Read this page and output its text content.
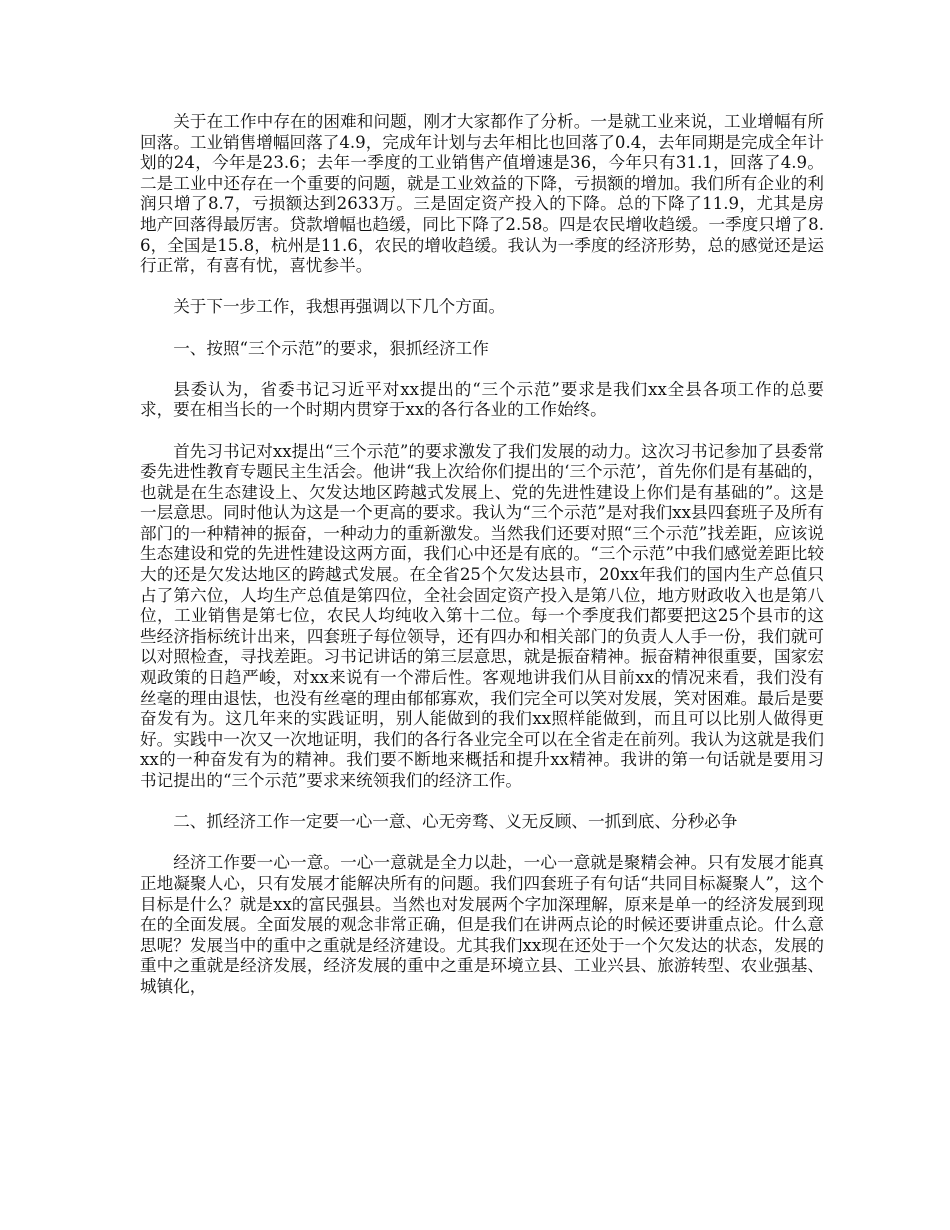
关于在工作中存在的困难和问题，刚才大家都作了分析。一是就工业来说，工业增幅有所回落。工业销售增幅回落了4.9，完成年计划与去年相比也回落了0.4，去年同期是完成全年计划的24，今年是23.6；去年一季度的工业销售产值增速是36，今年只有31.1，回落了4.9。二是工业中还存在一个重要的问题，就是工业效益的下降，亏损额的增加。我们所有企业的利润只增了8.7，亏损额达到2633万。三是固定资产投入的下降。总的下降了11.9，尤其是房地产回落得最厉害。贷款增幅也趋缓，同比下降了2.58。四是农民增收趋缓。一季度只增了8.6，全国是15.8，杭州是11.6，农民的增收趋缓。我认为一季度的经济形势，总的感觉还是运行正常，有喜有忧，喜忧参半。

关于下一步工作，我想再强调以下几个方面。

一、按照“三个示范”的要求，狠抓经济工作

县委认为，省委书记习近平对xx提出的“三个示范”要求是我们xx全县各项工作的总要求，要在相当长的一个时期内贯穿于xx的各行各业的工作始终。

首先习书记对xx提出“三个示范”的要求激发了我们发展的动力。这次习书记参加了县委常委先进性教育专题民主生活会。他讲“我上次给你们提出的‘三个示范’，首先你们是有基础的，也就是在生态建设上、欠发达地区跨越式发展上、党的先进性建设上你们是有基础的”。这是一层意思。同时他认为这是一个更高的要求。我认为“三个示范”是对我们xx县四套班子及所有部门的一种精神的振奋，一种动力的重新激发。当然我们还要对照“三个示范”找差距，应该说生态建设和党的先进性建设这两方面，我们心中还是有底的。“三个示范”中我们感觉差距比较大的还是欠发达地区的跨越式发展。在全省25个欠发达县市，20xx年我们的国内生产总值只占了第六位，人均生产总值是第四位，全社会固定资产投入是第八位，地方财政收入也是第八位，工业销售是第七位，农民人均纯收入第十二位。每一个季度我们都要把这25个县市的这些经济指标统计出来，四套班子每位领导，还有四办和相关部门的负责人人手一份，我们就可以对照检查，寻找差距。习书记讲话的第三层意思，就是振奋精神。振奋精神很重要，国家宏观政策的日趋严峻，对xx来说有一个滞后性。客观地讲我们从目前xx的情况来看，我们没有丝毫的理由退怯，也没有丝毫的理由郁郁寡欢，我们完全可以笑对发展，笑对困难。最后是要奋发有为。这几年来的实践证明，别人能做到的我们xx照样能做到，而且可以比别人做得更好。实践中一次又一次地证明，我们的各行各业完全可以在全省走在前列。我认为这就是我们xx的一种奋发有为的精神。我们要不断地来概括和提升xx精神。我讲的第一句话就是要用习书记提出的“三个示范”要求来统领我们的经济工作。

二、抓经济工作一定要一心一意、心无旁骛、义无反顾、一抓到底、分秒必争

经济工作要一心一意。一心一意就是全力以赴，一心一意就是聚精会神。只有发展才能真正地凝聚人心，只有发展才能解决所有的问题。我们四套班子有句话“共同目标凝聚人”，这个目标是什么？就是xx的富民强县。当然也对发展两个字加深理解，原来是单一的经济发展到现在的全面发展。全面发展的观念非常正确，但是我们在讲两点论的时候还要讲重点论。什么意思呢？发展当中的重中之重就是经济建设。尤其我们xx现在还处于一个欠发达的状态，发展的重中之重就是经济发展，经济发展的重中之重是环境立县、工业兴县、旅游转型、农业强基、城镇化，
